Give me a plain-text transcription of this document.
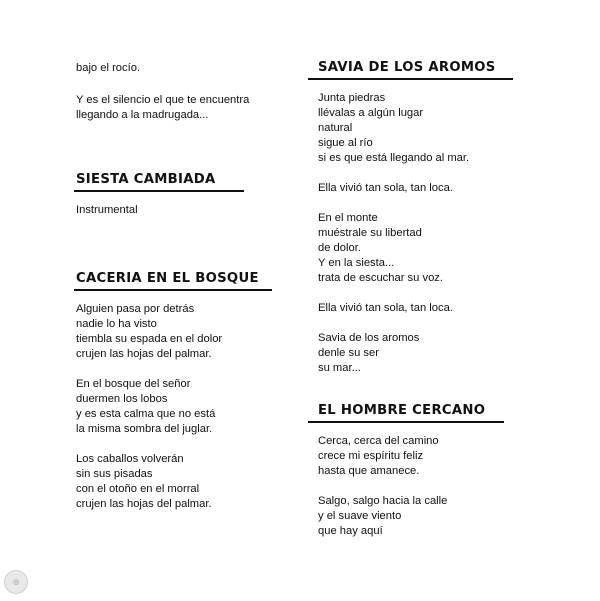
bajo el rocío.

Y es el silencio el que te encuentra
llegando a la madrugada...
SIESTA CAMBIADA
Instrumental
CACERIA EN EL BOSQUE
Alguien pasa por detrás
nadie lo ha visto
tiembla su espada en el dolor
crujen las hojas del palmar.

En el bosque del señor
duermen los lobos
y es esta calma que no está
la misma sombra del juglar.

Los caballos volverán
sin sus pisadas
con el otoño en el morral
crujen las hojas del palmar.
SAVIA DE LOS AROMOS
Junta piedras
llévalas a algún lugar
natural
sigue al río
si es que está llegando al mar.

Ella vivió tan sola, tan loca.

En el monte
muéstrale su libertad
de dolor.
Y en la siesta...
trata de escuchar su voz.

Ella vivió tan sola, tan loca.

Savia de los aromos
denle su ser
su mar...
EL HOMBRE CERCANO
Cerca, cerca del camino
crece mi espíritu feliz
hasta que amanece.

Salgo, salgo hacia la calle
y el suave viento
que hay aquí
◎
